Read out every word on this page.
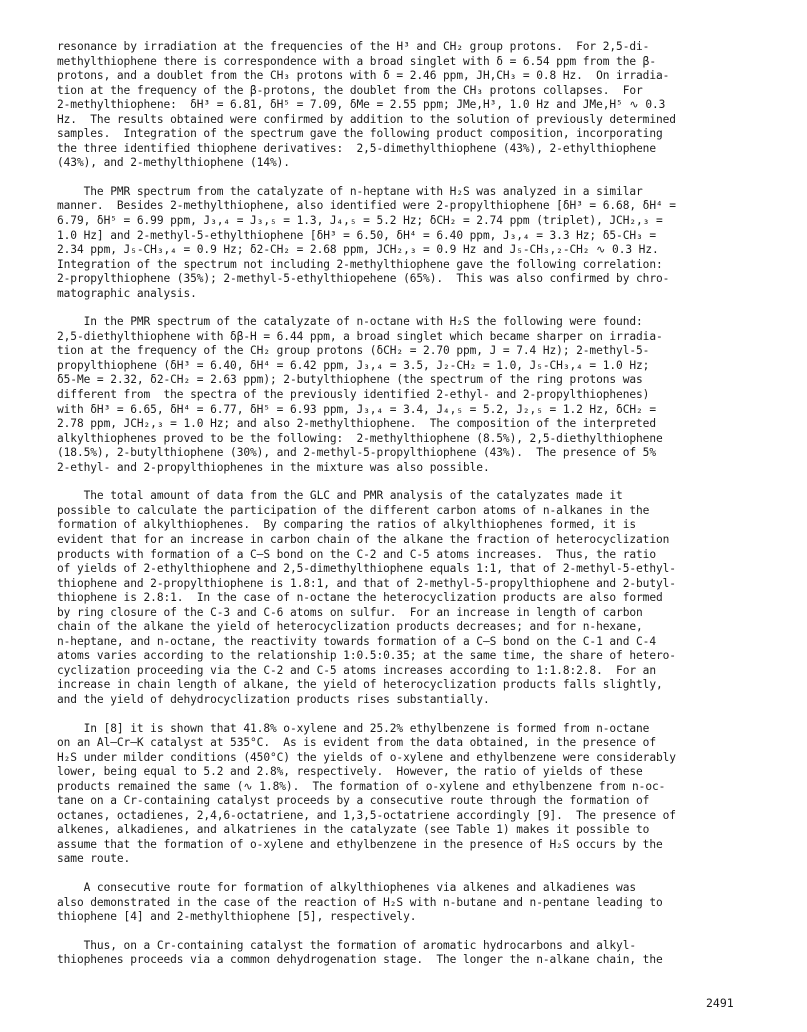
resonance by irradiation at the frequencies of the H³ and CH₂ group protons.  For 2,5-di-
methylthiophene there is correspondence with a broad singlet with δ = 6.54 ppm from the β-
protons, and a doublet from the CH₃ protons with δ = 2.46 ppm, JH,CH₃ = 0.8 Hz.  On irradia-
tion at the frequency of the β-protons, the doublet from the CH₃ protons collapses.  For
2-methylthiophene:  δH³ = 6.81, δH⁵ = 7.09, δMe = 2.55 ppm; JMe,H³, 1.0 Hz and JMe,H⁵ ∿ 0.3
Hz.  The results obtained were confirmed by addition to the solution of previously determined
samples.  Integration of the spectrum gave the following product composition, incorporating
the three identified thiophene derivatives:  2,5-dimethylthiophene (43%), 2-ethylthiophene
(43%), and 2-methylthiophene (14%).

The PMR spectrum from the catalyzate of n-heptane with H₂S was analyzed in a similar
manner.  Besides 2-methylthiophene, also identified were 2-propylthiophene [δH³ = 6.68, δH⁴ =
6.79, δH⁵ = 6.99 ppm, J₃,₄ = J₃,₅ = 1.3, J₄,₅ = 5.2 Hz; δCH₂ = 2.74 ppm (triplet), JCH₂,₃ =
1.0 Hz] and 2-methyl-5-ethylthiophene [δH³ = 6.50, δH⁴ = 6.40 ppm, J₃,₄ = 3.3 Hz; δ5-CH₃ =
2.34 ppm, J₅-CH₃,₄ = 0.9 Hz; δ2-CH₂ = 2.68 ppm, JCH₂,₃ = 0.9 Hz and J₅-CH₃,₂-CH₂ ∿ 0.3 Hz.
Integration of the spectrum not including 2-methylthiophene gave the following correlation:
2-propylthiophene (35%); 2-methyl-5-ethylthiopehene (65%).  This was also confirmed by chro-
matographic analysis.

In the PMR spectrum of the catalyzate of n-octane with H₂S the following were found:
2,5-diethylthiophene with δβ-H = 6.44 ppm, a broad singlet which became sharper on irradia-
tion at the frequency of the CH₂ group protons (δCH₂ = 2.70 ppm, J = 7.4 Hz); 2-methyl-5-
propylthiophene (δH³ = 6.40, δH⁴ = 6.42 ppm, J₃,₄ = 3.5, J₂-CH₂ = 1.0, J₅-CH₃,₄ = 1.0 Hz;
δ5-Me = 2.32, δ2-CH₂ = 2.63 ppm); 2-butylthiophene (the spectrum of the ring protons was
different from  the spectra of the previously identified 2-ethyl- and 2-propylthiophenes)
with δH³ = 6.65, δH⁴ = 6.77, δH⁵ = 6.93 ppm, J₃,₄ = 3.4, J₄,₅ = 5.2, J₂,₅ = 1.2 Hz, δCH₂ =
2.78 ppm, JCH₂,₃ = 1.0 Hz; and also 2-methylthiophene.  The composition of the interpreted
alkylthiophenes proved to be the following:  2-methylthiophene (8.5%), 2,5-diethylthiophene
(18.5%), 2-butylthiophene (30%), and 2-methyl-5-propylthiophene (43%).  The presence of 5%
2-ethyl- and 2-propylthiophenes in the mixture was also possible.

The total amount of data from the GLC and PMR analysis of the catalyzates made it
possible to calculate the participation of the different carbon atoms of n-alkanes in the
formation of alkylthiophenes.  By comparing the ratios of alkylthiophenes formed, it is
evident that for an increase in carbon chain of the alkane the fraction of heterocyclization
products with formation of a C—S bond on the C-2 and C-5 atoms increases.  Thus, the ratio
of yields of 2-ethylthiophene and 2,5-dimethylthiophene equals 1:1, that of 2-methyl-5-ethyl-
thiophene and 2-propylthiophene is 1.8:1, and that of 2-methyl-5-propylthiophene and 2-butyl-
thiophene is 2.8:1.  In the case of n-octane the heterocyclization products are also formed
by ring closure of the C-3 and C-6 atoms on sulfur.  For an increase in length of carbon
chain of the alkane the yield of heterocyclization products decreases; and for n-hexane,
n-heptane, and n-octane, the reactivity towards formation of a C—S bond on the C-1 and C-4
atoms varies according to the relationship 1:0.5:0.35; at the same time, the share of hetero-
cyclization proceeding via the C-2 and C-5 atoms increases according to 1:1.8:2.8.  For an
increase in chain length of alkane, the yield of heterocyclization products falls slightly,
and the yield of dehydrocyclization products rises substantially.

In [8] it is shown that 41.8% o-xylene and 25.2% ethylbenzene is formed from n-octane
on an Al—Cr—K catalyst at 535°C.  As is evident from the data obtained, in the presence of
H₂S under milder conditions (450°C) the yields of o-xylene and ethylbenzene were considerably
lower, being equal to 5.2 and 2.8%, respectively.  However, the ratio of yields of these
products remained the same (∿ 1.8%).  The formation of o-xylene and ethylbenzene from n-oc-
tane on a Cr-containing catalyst proceeds by a consecutive route through the formation of
octanes, octadienes, 2,4,6-octatriene, and 1,3,5-octatriene accordingly [9].  The presence of
alkenes, alkadienes, and alkatrienes in the catalyzate (see Table 1) makes it possible to
assume that the formation of o-xylene and ethylbenzene in the presence of H₂S occurs by the
same route.

A consecutive route for formation of alkylthiophenes via alkenes and alkadienes was
also demonstrated in the case of the reaction of H₂S with n-butane and n-pentane leading to
thiophene [4] and 2-methylthiophene [5], respectively.

Thus, on a Cr-containing catalyst the formation of aromatic hydrocarbons and alkyl-
thiophenes proceeds via a common dehydrogenation stage.  The longer the n-alkane chain, the

2491
